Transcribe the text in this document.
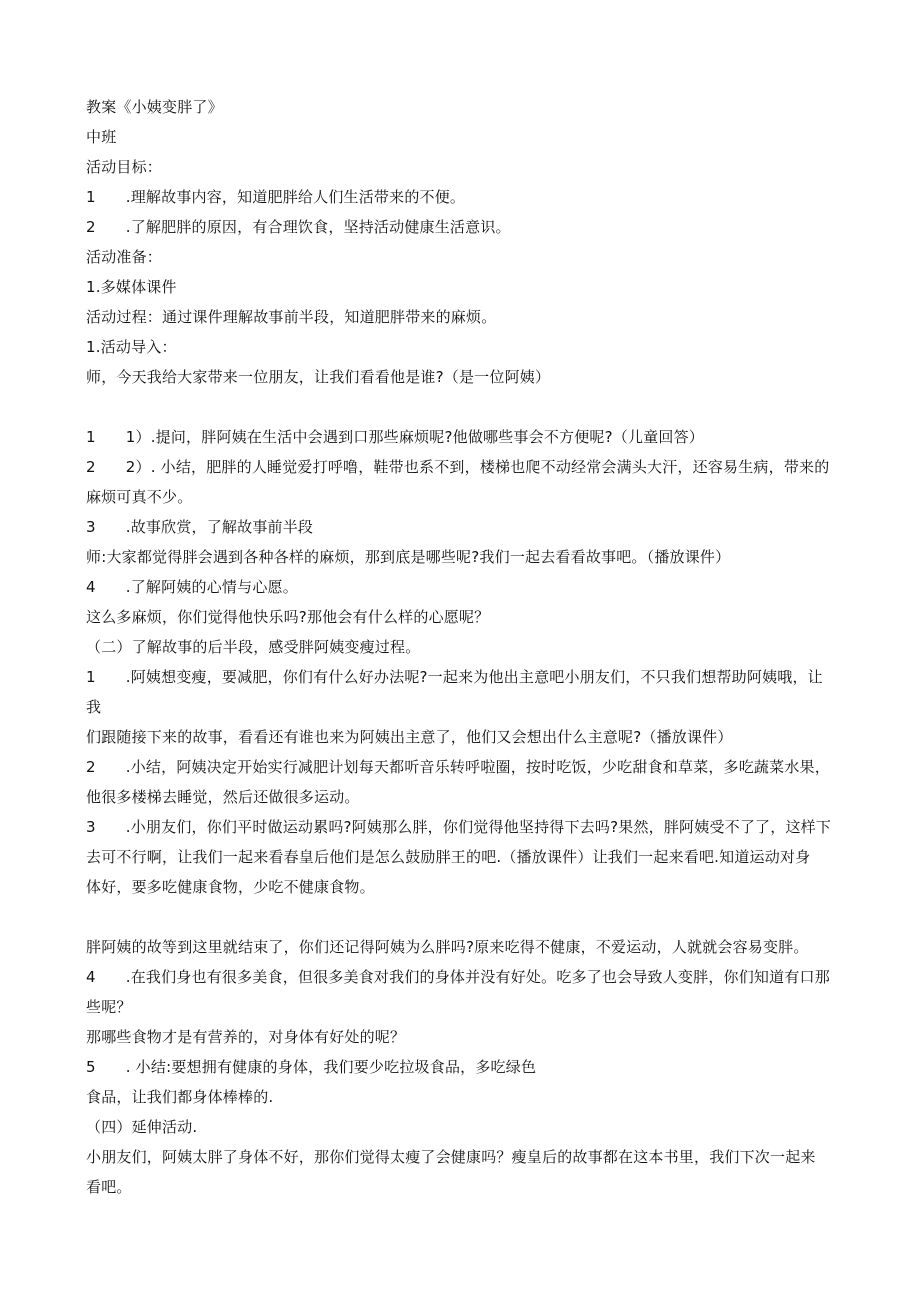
教案《小姨变胖了》
中班
活动目标：
1	.理解故事内容，知道肥胖给人们生活带来的不便。
2	.了解肥胖的原因，有合理饮食，坚持活动健康生活意识。
活动准备：
1.多媒体课件
活动过程：通过课件理解故事前半段，知道肥胖带来的麻烦。
1.活动导入：
师，今天我给大家带来一位朋友，让我们看看他是谁?（是一位阿姨）
1	1）.提问，胖阿姨在生活中会遇到口那些麻烦呢?他做哪些事会不方便呢?（儿童回答）
2	2）. 小结，肥胖的人睡觉爱打呼噜，鞋带也系不到，楼梯也爬不动经常会满头大汗，还容易生病，带来的
麻烦可真不少。
3	.故事欣赏，了解故事前半段
师:大家都觉得胖会遇到各种各样的麻烦，那到底是哪些呢?我们一起去看看故事吧。（播放课件）
4	.了解阿姨的心情与心愿。
这么多麻烦，你们觉得他快乐吗?那他会有什么样的心愿呢？
（二）了解故事的后半段，感受胖阿姨变瘦过程。
1	.阿姨想变瘦，要减肥，你们有什么好办法呢?一起来为他出主意吧小朋友们，不只我们想帮助阿姨哦，让我
们跟随接下来的故事，看看还有谁也来为阿姨出主意了，他们又会想出什么主意呢?（播放课件）
2	.小结，阿姨决定开始实行减肥计划每天都听音乐转呼啦圈，按时吃饭，少吃甜食和草菜，多吃蔬菜水果，
他很多楼梯去睡觉，然后还做很多运动。
3	.小朋友们，你们平时做运动累吗?阿姨那么胖，你们觉得他坚持得下去吗?果然，胖阿姨受不了了，这样下
去可不行啊，让我们一起来看春皇后他们是怎么鼓励胖王的吧.（播放课件）让我们一起来看吧.知道运动对身
体好，要多吃健康食物，少吃不健康食物。
胖阿姨的故等到这里就结束了，你们还记得阿姨为么胖吗?原来吃得不健康，不爱运动，人就就会容易变胖。
4	.在我们身也有很多美食，但很多美食对我们的身体并没有好处。吃多了也会导致人变胖，你们知道有口那
些呢？
那哪些食物才是有营养的，对身体有好处的呢？
5	. 小结:要想拥有健康的身体，我们要少吃拉圾食品，多吃绿色
食品，让我们都身体棒棒的.
（四）延伸活动.
小朋友们，阿姨太胖了身体不好，那你们觉得太瘦了会健康吗？瘦皇后的故事都在这本书里，我们下次一起来
看吧。
